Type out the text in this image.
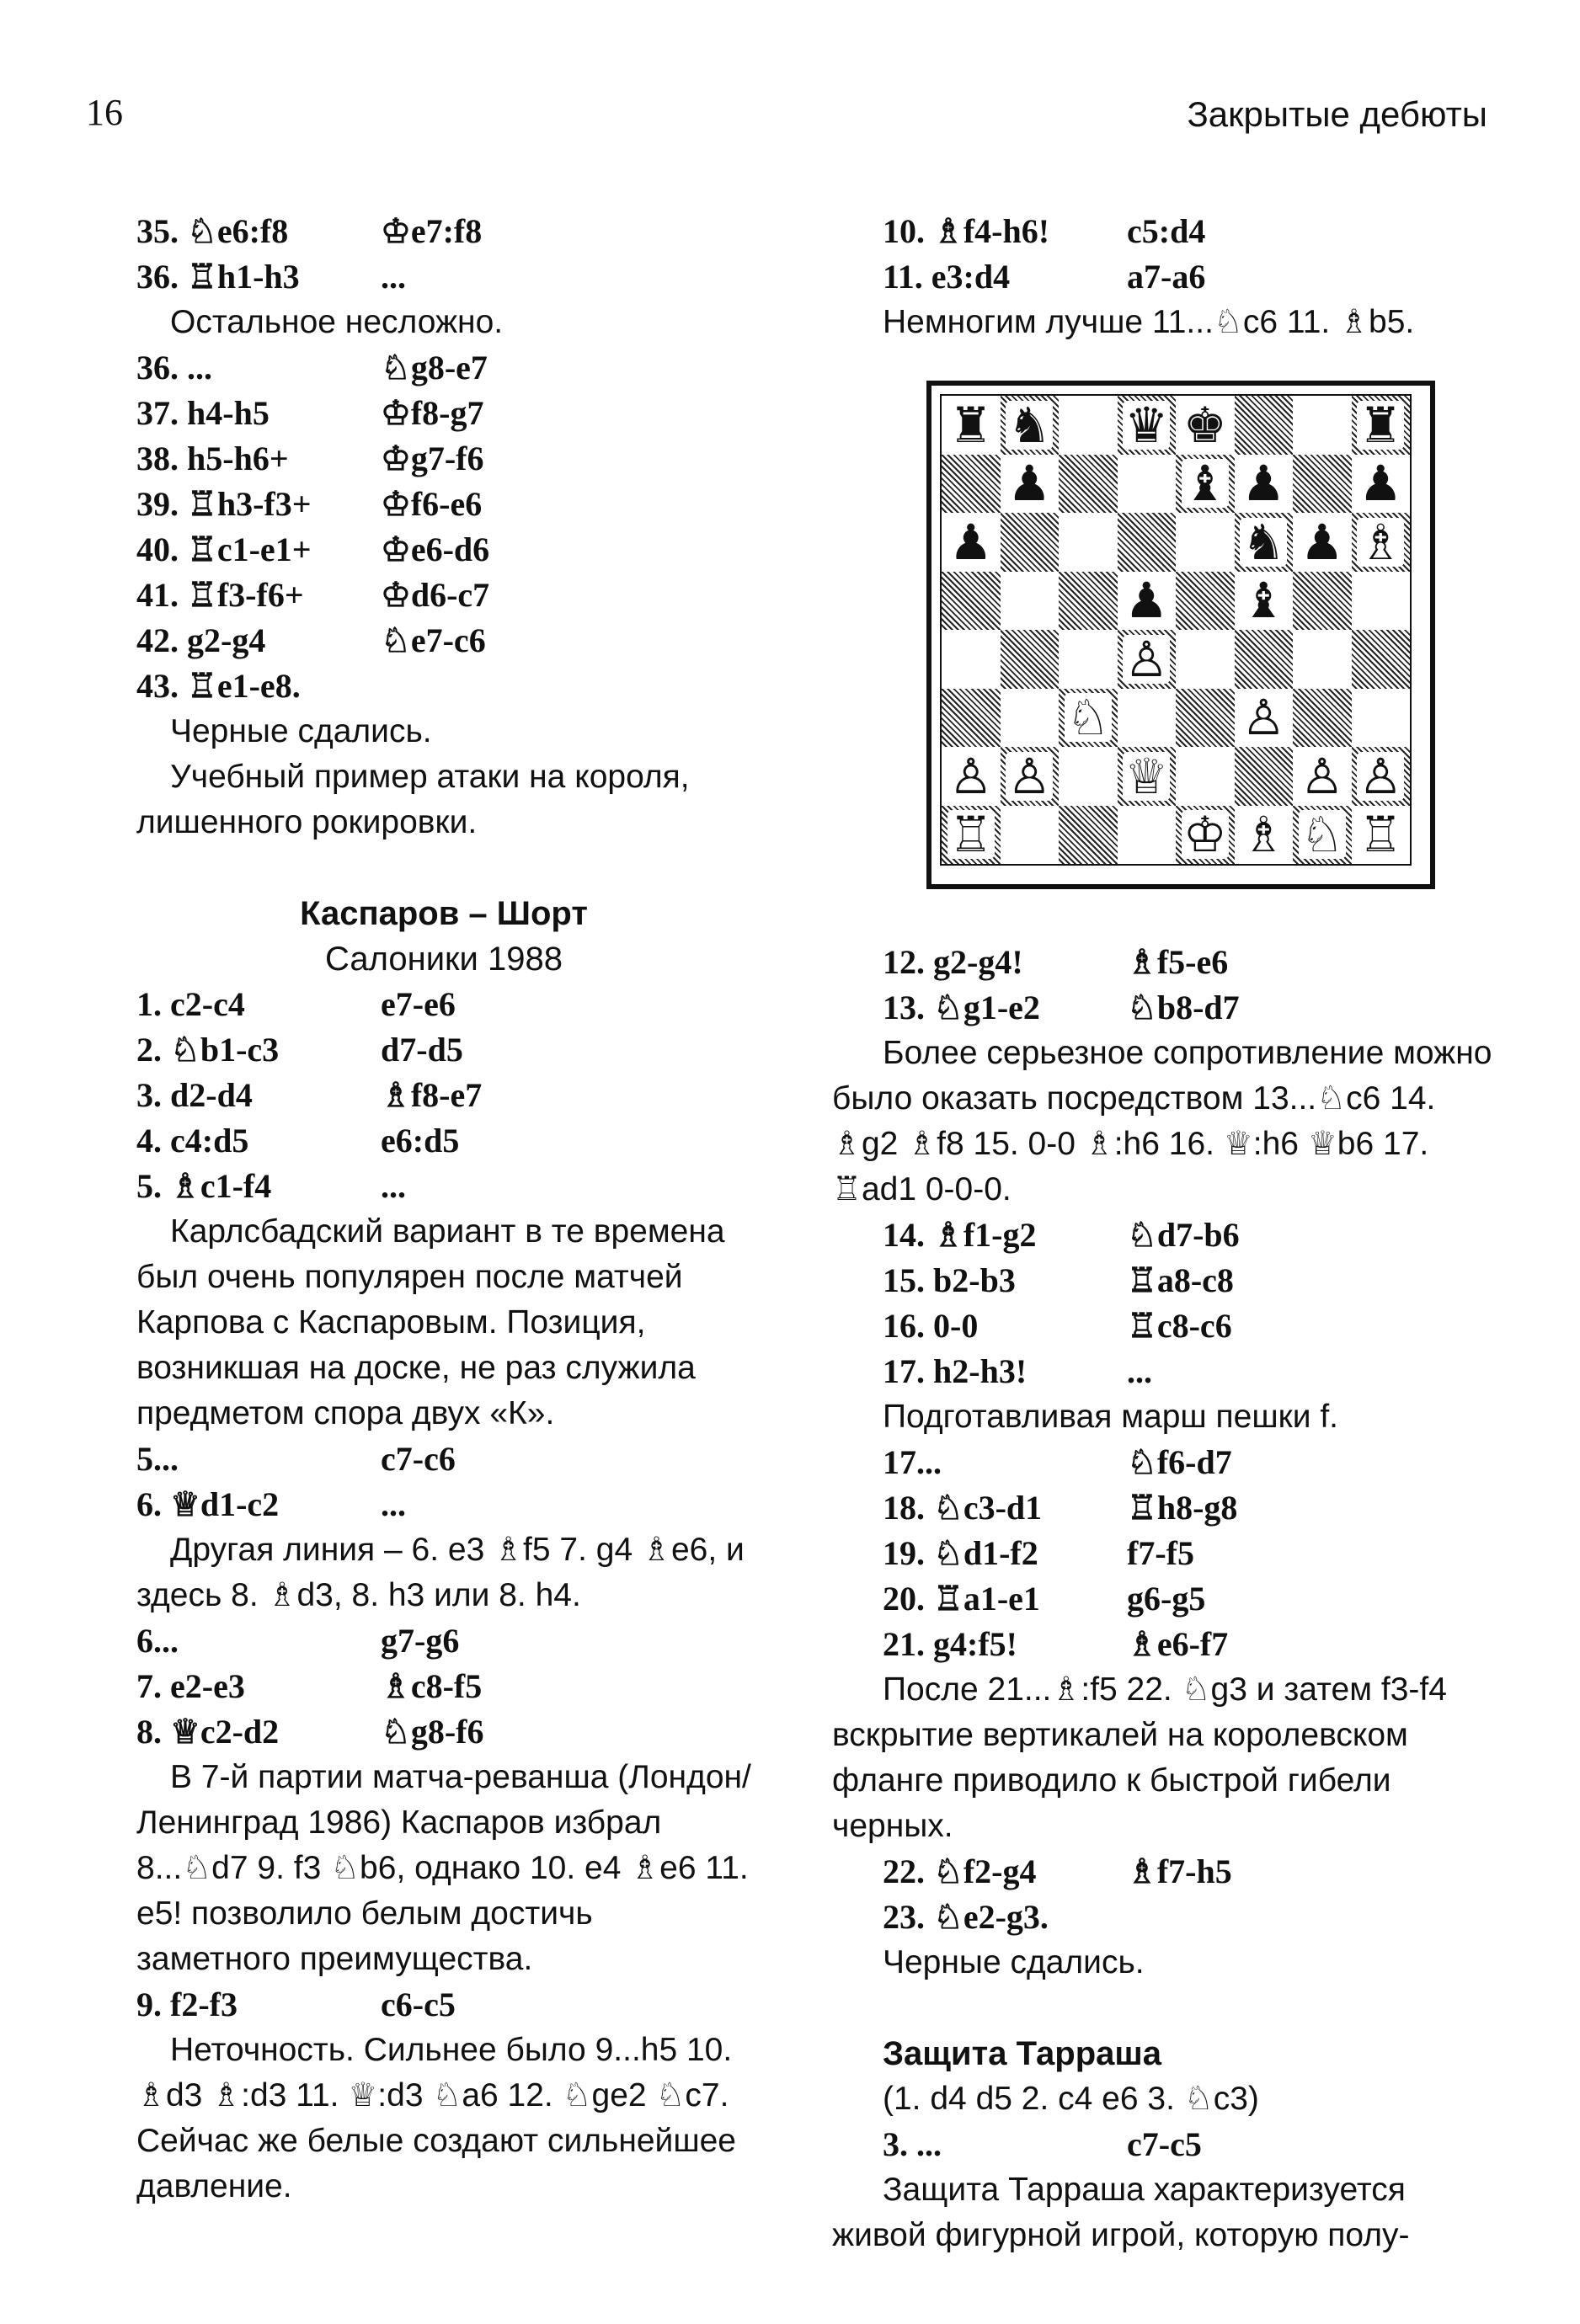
16	Закрытые дебюты
35. ♘e6:f8	♔e7:f8
36. ♖h1-h3	...
Остальное несложно.
36. ...	♘g8-e7
37. h4-h5	♔f8-g7
38. h5-h6+	♔g7-f6
39. ♖h3-f3+	♔f6-e6
40. ♖c1-e1+	♔e6-d6
41. ♖f3-f6+	♔d6-c7
42. g2-g4	♘e7-c6
43. ♖e1-e8.
Черные сдались.
Учебный пример атаки на короля, лишенного рокировки.
Каспаров – Шорт
Салоники 1988
1. c2-c4	e7-e6
2. ♘b1-c3	d7-d5
3. d2-d4	♗f8-e7
4. c4:d5	e6:d5
5. ♗c1-f4	...
Карлсбадский вариант в те времена был очень популярен после матчей Карпова с Каспаровым. Позиция, возникшая на доске, не раз служила предметом спора двух «К».
5...	c7-c6
6. ♕d1-c2	...
Другая линия – 6. e3 ♗f5 7. g4 ♗e6, и здесь 8. ♗d3, 8. h3 или 8. h4.
6...	g7-g6
7. e2-e3	♗c8-f5
8. ♕c2-d2	♘g8-f6
В 7-й партии матча-реванша (Лондон/Ленинград 1986) Каспаров избрал 8...♘d7 9. f3 ♘b6, однако 10. e4 ♗e6 11. e5! позволило белым достичь заметного преимущества.
9. f2-f3	c6-c5
Неточность. Сильнее было 9...h5 10. ♗d3 ♗:d3 11. ♕:d3 ♘a6 12. ♘ge2 ♘c7. Сейчас же белые создают сильнейшее давление.
10. ♗f4-h6!	c5:d4
11. e3:d4	a7-a6
Немногим лучше 11...♘c6 11. ♗b5.
♜ ♞ ♛ ♚	♜
♟	♝ ♟ ♟
♟	♞ ♟ ♗
♟ ♝
♙
♘	♙
♙ ♙ ♕	♙ ♙
♖	♔ ♗ ♘ ♖
12. g2-g4!	♗f5-e6
13. ♘g1-e2	♘b8-d7
Более серьезное сопротивление можно было оказать посредством 13...♘c6 14. ♗g2 ♗f8 15. 0-0 ♗:h6 16. ♕:h6 ♕b6 17. ♖ad1 0-0-0.
14. ♗f1-g2	♘d7-b6
15. b2-b3	♖a8-c8
16. 0-0	♖c8-c6
17. h2-h3!	...
Подготавливая марш пешки f.
17...	♘f6-d7
18. ♘c3-d1	♖h8-g8
19. ♘d1-f2	f7-f5
20. ♖a1-e1	g6-g5
21. g4:f5!	♗e6-f7
После 21...♗:f5 22. ♘g3 и затем f3-f4 вскрытие вертикалей на королевском фланге приводило к быстрой гибели черных.
22. ♘f2-g4	♗f7-h5
23. ♘e2-g3.
Черные сдались.
Защита Тарраша
(1. d4 d5 2. c4 e6 3. ♘c3)
3. ...	c7-c5
Защита Тарраша характеризуется живой фигурной игрой, которую полу-
